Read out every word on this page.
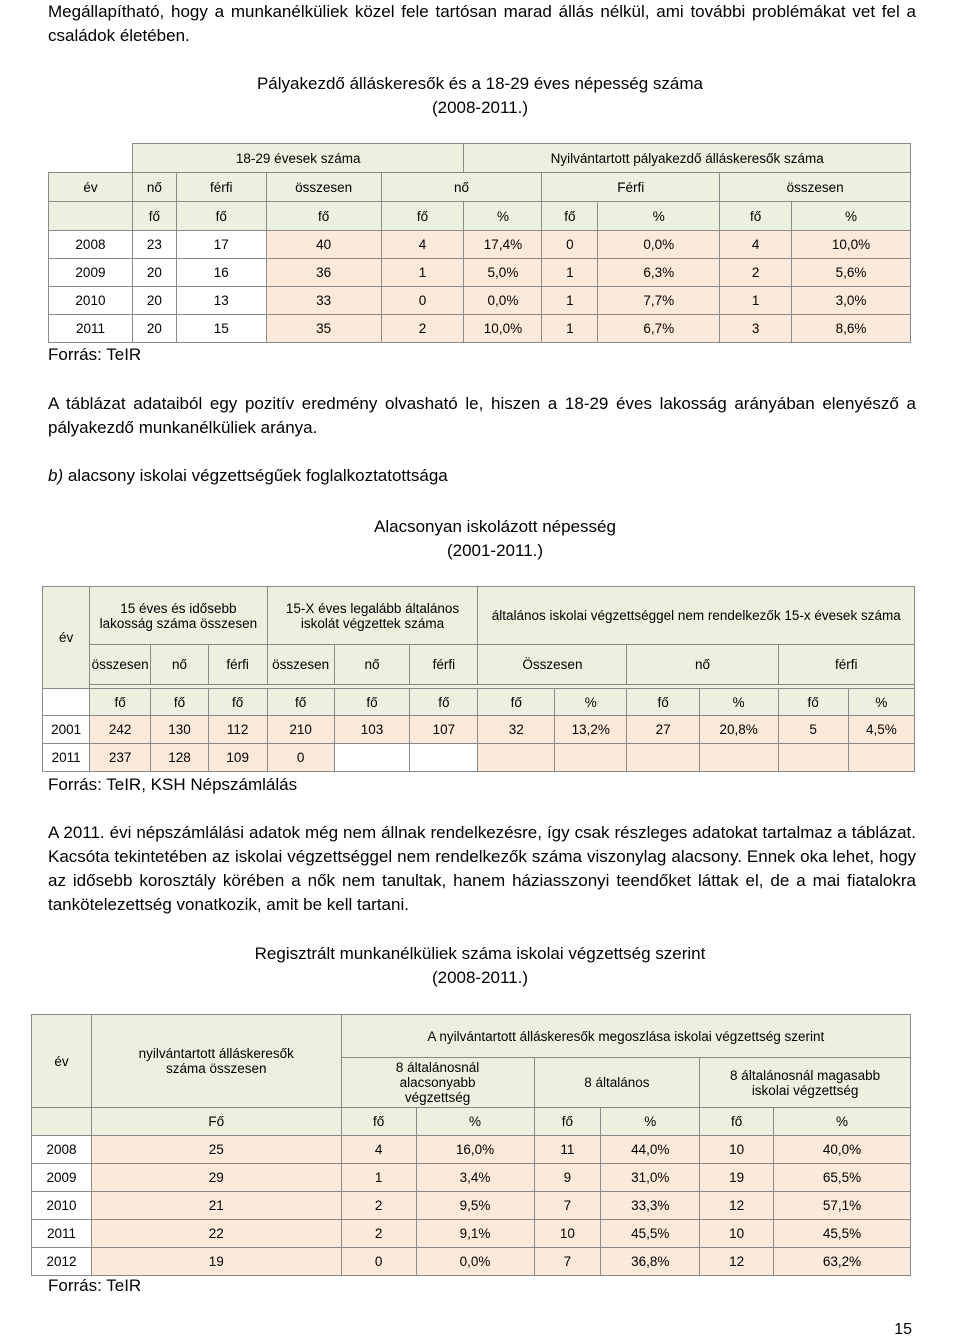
Megállapítható, hogy a munkanélküliek közel fele tartósan marad állás nélkül, ami további problémákat vet fel a családok életében.
Pályakezdő álláskeresők és a 18-29 éves népesség száma
(2008-2011.)
	18-29 évesek száma				Nyilvántartott pályakezdő álláskeresők száma				
év	nő	férfi	összesen	nő		Férfi		összesen	
	fő	fő	fő	fő	%	fő	%	fő	%
2008	23	17	40	4	17,4%	0	0,0%	4	10,0%
2009	20	16	36	1	5,0%	1	6,3%	2	5,6%
2010	20	13	33	0	0,0%	1	7,7%	1	3,0%
2011	20	15	35	2	10,0%	1	6,7%	3	8,6%
Forrás: TeIR
A táblázat adataiból egy pozitív eredmény olvasható le, hiszen a 18-29 éves lakosság arányában elenyésző a pályakezdő munkanélküliek aránya.
b) alacsony iskolai végzettségűek foglalkoztatottsága
Alacsonyan iskolázott népesség
(2001-2011.)
év	15 éves és idősebb lakosság száma összesen			15-X éves legalább általános iskolát végzettek száma			általános iskolai végzettséggel nem rendelkezők 15-x évesek száma					
	összesen	nő	férfi	összesen	nő	férfi	Összesen		nő		férfi	

	fő	fő	fő	fő	fő	fő	fő	%	fő	%	fő	%
2001	242	130	112	210	103	107	32	13,2%	27	20,8%	5	4,5%
2011	237	128	109	0								
Forrás: TeIR, KSH Népszámlálás
A 2011. évi népszámlálási adatok még nem állnak rendelkezésre, így csak részleges adatokat tartalmaz a táblázat. Kacsóta tekintetében az iskolai végzettséggel nem rendelkezők száma viszonylag alacsony. Ennek oka lehet, hogy az idősebb korosztály körében a nők nem tanultak, hanem háziasszonyi teendőket láttak el, de a mai fiatalokra tankötelezettség vonatkozik, amit be kell tartani.
Regisztrált munkanélküliek száma iskolai végzettség szerint
(2008-2011.)
év	nyilvántartott álláskeresők száma összesen	A nyilvántartott álláskeresők megoszlása iskolai végzettség szerint					
		8 általánosnál alacsonyabb végzettség		8 általános		8 általánosnál magasabb iskolai végzettség	
	Fő	fő	%	fő	%	fő	%
2008	25	4	16,0%	11	44,0%	10	40,0%
2009	29	1	3,4%	9	31,0%	19	65,5%
2010	21	2	9,5%	7	33,3%	12	57,1%
2011	22	2	9,1%	10	45,5%	10	45,5%
2012	19	0	0,0%	7	36,8%	12	63,2%
Forrás: TeIR
15
